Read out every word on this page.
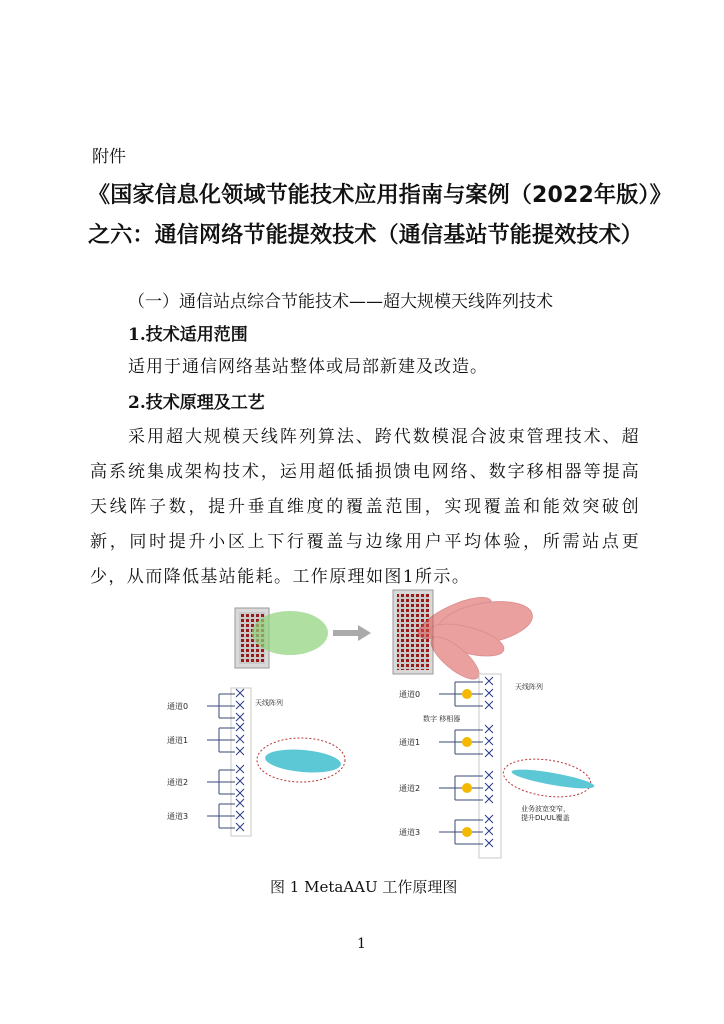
附件
《国家信息化领域节能技术应用指南与案例（2022年版）》
之六：通信网络节能提效技术（通信基站节能提效技术）
（一）通信站点综合节能技术——超大规模天线阵列技术
1.技术适用范围
适用于通信网络基站整体或局部新建及改造。
2.技术原理及工艺
采用超大规模天线阵列算法、跨代数模混合波束管理技术、超高系统集成架构技术，运用超低插损馈电网络、数字移相器等提高天线阵子数，提升垂直维度的覆盖范围，实现覆盖和能效突破创新，同时提升小区上下行覆盖与边缘用户平均体验，所需站点更少，从而降低基站能耗。工作原理如图1所示。
通道0
通道1
通道2
通道3
天线阵列
通道0
通道1
通道2
通道3
天线阵列
数字 移相器
业务波宽变窄，
提升DL/UL覆盖
图 1 MetaAAU 工作原理图
1
